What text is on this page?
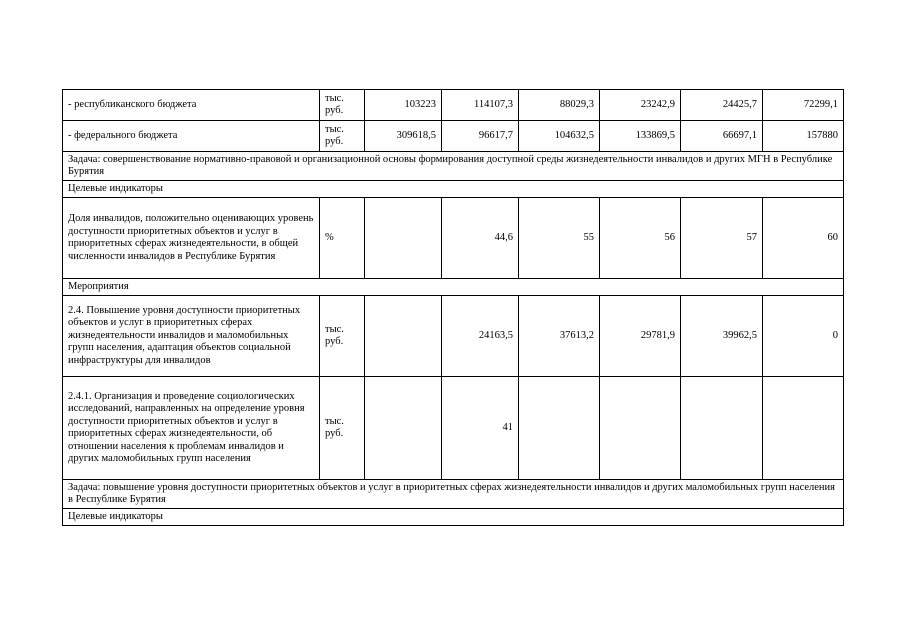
- республиканского бюджета	тыс. руб.	103223	114107,3	88029,3	23242,9	24425,7	72299,1
- федерального бюджета	тыс. руб.	309618,5	96617,7	104632,5	133869,5	66697,1	157880
Задача: совершенствование нормативно-правовой и организационной основы формирования доступной среды жизнедеятельности инвалидов и других МГН в Республике Бурятия							
Целевые индикаторы							
Доля инвалидов, положительно оценивающих уровень доступности приоритетных объектов и услуг в приоритетных сферах жизнедеятельности, в общей численности инвалидов в Республике Бурятия	%		44,6	55	56	57	60
Мероприятия							
2.4. Повышение уровня доступности приоритетных объектов и услуг в приоритетных сферах жизнедеятельности инвалидов и маломобильных групп населения, адаптация объектов социальной инфраструктуры для инвалидов	тыс. руб.		24163,5	37613,2	29781,9	39962,5	0
2.4.1. Организация и проведение социологических исследований, направленных на определение уровня доступности приоритетных объектов и услуг в приоритетных сферах жизнедеятельности, об отношении населения к проблемам инвалидов и других маломобильных групп населения	тыс. руб.		41				
Задача: повышение уровня доступности приоритетных объектов и услуг в приоритетных сферах жизнедеятельности инвалидов и других маломобильных групп населения в Республике Бурятия							
Целевые индикаторы							
